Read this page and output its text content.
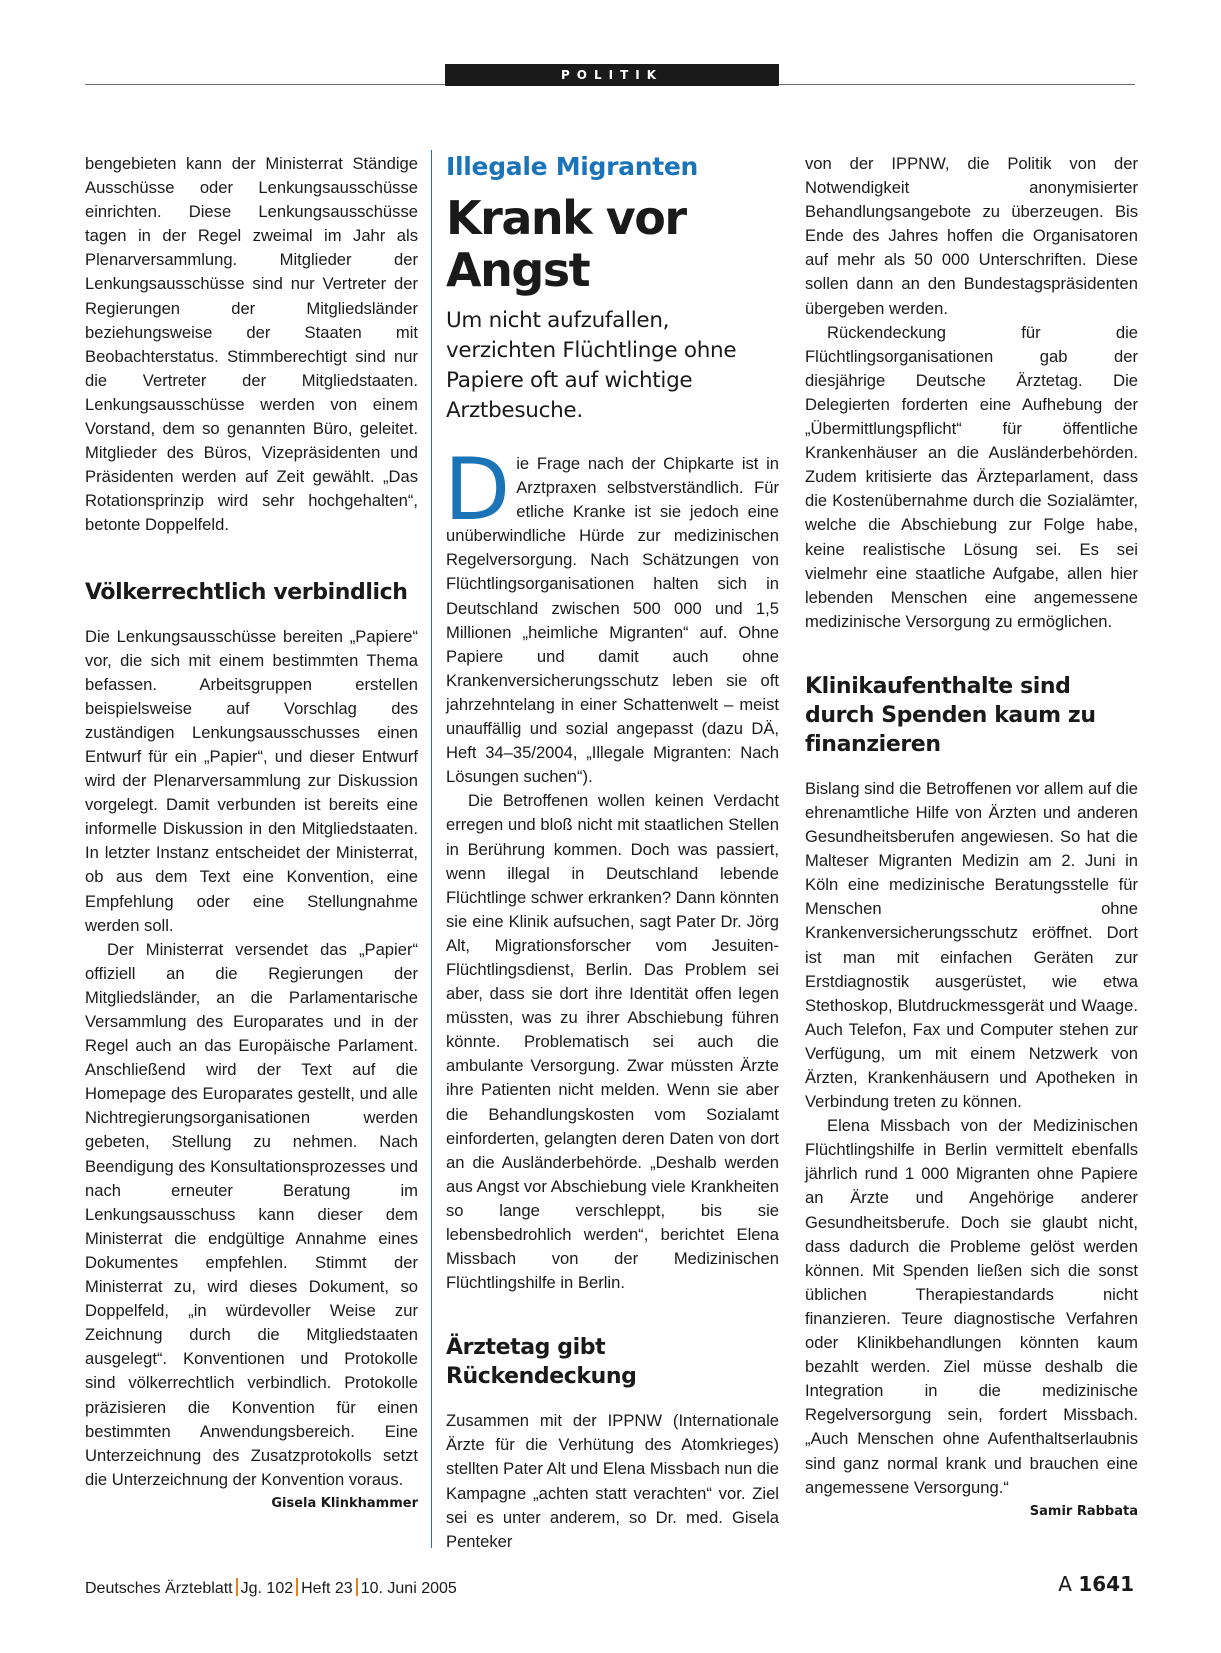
POLITIK

bengebieten kann der Ministerrat Ständige Ausschüsse oder Lenkungsausschüsse einrichten. Diese Lenkungsausschüsse tagen in der Regel zweimal im Jahr als Plenarversammlung. Mitglieder der Lenkungsausschüsse sind nur Vertreter der Regierungen der Mitgliedsländer beziehungsweise der Staaten mit Beobachterstatus. Stimmberechtigt sind nur die Vertreter der Mitgliedstaaten. Lenkungsausschüsse werden von einem Vorstand, dem so genannten Büro, geleitet. Mitglieder des Büros, Vizepräsidenten und Präsidenten werden auf Zeit gewählt. „Das Rotationsprinzip wird sehr hochgehalten“, betonte Doppelfeld.

Völkerrechtlich verbindlich

Die Lenkungsausschüsse bereiten „Papiere“ vor, die sich mit einem bestimmten Thema befassen. Arbeitsgruppen erstellen beispielsweise auf Vorschlag des zuständigen Lenkungsausschusses einen Entwurf für ein „Papier“, und dieser Entwurf wird der Plenarversammlung zur Diskussion vorgelegt. Damit verbunden ist bereits eine informelle Diskussion in den Mitgliedstaaten. In letzter Instanz entscheidet der Ministerrat, ob aus dem Text eine Konvention, eine Empfehlung oder eine Stellungnahme werden soll.

Der Ministerrat versendet das „Papier“ offiziell an die Regierungen der Mitgliedsländer, an die Parlamentarische Versammlung des Europarates und in der Regel auch an das Europäische Parlament. Anschließend wird der Text auf die Homepage des Europarates gestellt, und alle Nichtregierungsorganisationen werden gebeten, Stellung zu nehmen. Nach Beendigung des Konsultationsprozesses und nach erneuter Beratung im Lenkungsausschuss kann dieser dem Ministerrat die endgültige Annahme eines Dokumentes empfehlen. Stimmt der Ministerrat zu, wird dieses Dokument, so Doppelfeld, „in würdevoller Weise zur Zeichnung durch die Mitgliedstaaten ausgelegt“. Konventionen und Protokolle sind völkerrechtlich verbindlich. Protokolle präzisieren die Konvention für einen bestimmten Anwendungsbereich. Eine Unterzeichnung des Zusatzprotokolls setzt die Unterzeichnung der Konvention voraus.
Gisela Klinkhammer

Illegale Migranten
Krank vor Angst
Um nicht aufzufallen, verzichten Flüchtlinge ohne Papiere oft auf wichtige Arztbesuche.

Die Frage nach der Chipkarte ist in Arztpraxen selbstverständlich. Für etliche Kranke ist sie jedoch eine unüberwindliche Hürde zur medizinischen Regelversorgung. Nach Schätzungen von Flüchtlingsorganisationen halten sich in Deutschland zwischen 500 000 und 1,5 Millionen „heimliche Migranten“ auf. Ohne Papiere und damit auch ohne Krankenversicherungsschutz leben sie oft jahrzehntelang in einer Schattenwelt – meist unauffällig und sozial angepasst (dazu DÄ, Heft 34–35/2004, „Illegale Migranten: Nach Lösungen suchen“).

Die Betroffenen wollen keinen Verdacht erregen und bloß nicht mit staatlichen Stellen in Berührung kommen. Doch was passiert, wenn illegal in Deutschland lebende Flüchtlinge schwer erkranken? Dann könnten sie eine Klinik aufsuchen, sagt Pater Dr. Jörg Alt, Migrationsforscher vom Jesuiten-Flüchtlingsdienst, Berlin. Das Problem sei aber, dass sie dort ihre Identität offen legen müssten, was zu ihrer Abschiebung führen könnte. Problematisch sei auch die ambulante Versorgung. Zwar müssten Ärzte ihre Patienten nicht melden. Wenn sie aber die Behandlungskosten vom Sozialamt einforderten, gelangten deren Daten von dort an die Ausländerbehörde. „Deshalb werden aus Angst vor Abschiebung viele Krankheiten so lange verschleppt, bis sie lebensbedrohlich werden“, berichtet Elena Missbach von der Medizinischen Flüchtlingshilfe in Berlin.

Ärztetag gibt Rückendeckung

Zusammen mit der IPPNW (Internationale Ärzte für die Verhütung des Atomkrieges) stellten Pater Alt und Elena Missbach nun die Kampagne „achten statt verachten“ vor. Ziel sei es unter anderem, so Dr. med. Gisela Penteker

von der IPPNW, die Politik von der Notwendigkeit anonymisierter Behandlungsangebote zu überzeugen. Bis Ende des Jahres hoffen die Organisatoren auf mehr als 50 000 Unterschriften. Diese sollen dann an den Bundestagspräsidenten übergeben werden.

Rückendeckung für die Flüchtlingsorganisationen gab der diesjährige Deutsche Ärztetag. Die Delegierten forderten eine Aufhebung der „Übermittlungspflicht“ für öffentliche Krankenhäuser an die Ausländerbehörden. Zudem kritisierte das Ärzteparlament, dass die Kostenübernahme durch die Sozialämter, welche die Abschiebung zur Folge habe, keine realistische Lösung sei. Es sei vielmehr eine staatliche Aufgabe, allen hier lebenden Menschen eine angemessene medizinische Versorgung zu ermöglichen.

Klinikaufenthalte sind durch Spenden kaum zu finanzieren

Bislang sind die Betroffenen vor allem auf die ehrenamtliche Hilfe von Ärzten und anderen Gesundheitsberufen angewiesen. So hat die Malteser Migranten Medizin am 2. Juni in Köln eine medizinische Beratungsstelle für Menschen ohne Krankenversicherungsschutz eröffnet. Dort ist man mit einfachen Geräten zur Erstdiagnostik ausgerüstet, wie etwa Stethoskop, Blutdruckmessgerät und Waage. Auch Telefon, Fax und Computer stehen zur Verfügung, um mit einem Netzwerk von Ärzten, Krankenhäusern und Apotheken in Verbindung treten zu können.

Elena Missbach von der Medizinischen Flüchtlingshilfe in Berlin vermittelt ebenfalls jährlich rund 1 000 Migranten ohne Papiere an Ärzte und Angehörige anderer Gesundheitsberufe. Doch sie glaubt nicht, dass dadurch die Probleme gelöst werden können. Mit Spenden ließen sich die sonst üblichen Therapiestandards nicht finanzieren. Teure diagnostische Verfahren oder Klinikbehandlungen könnten kaum bezahlt werden. Ziel müsse deshalb die Integration in die medizinische Regelversorgung sein, fordert Missbach. „Auch Menschen ohne Aufenthaltserlaubnis sind ganz normal krank und brauchen eine angemessene Versorgung.“
Samir Rabbata

Deutsches Ärzteblatt Jg. 102 Heft 23 10. Juni 2005	A 1641
